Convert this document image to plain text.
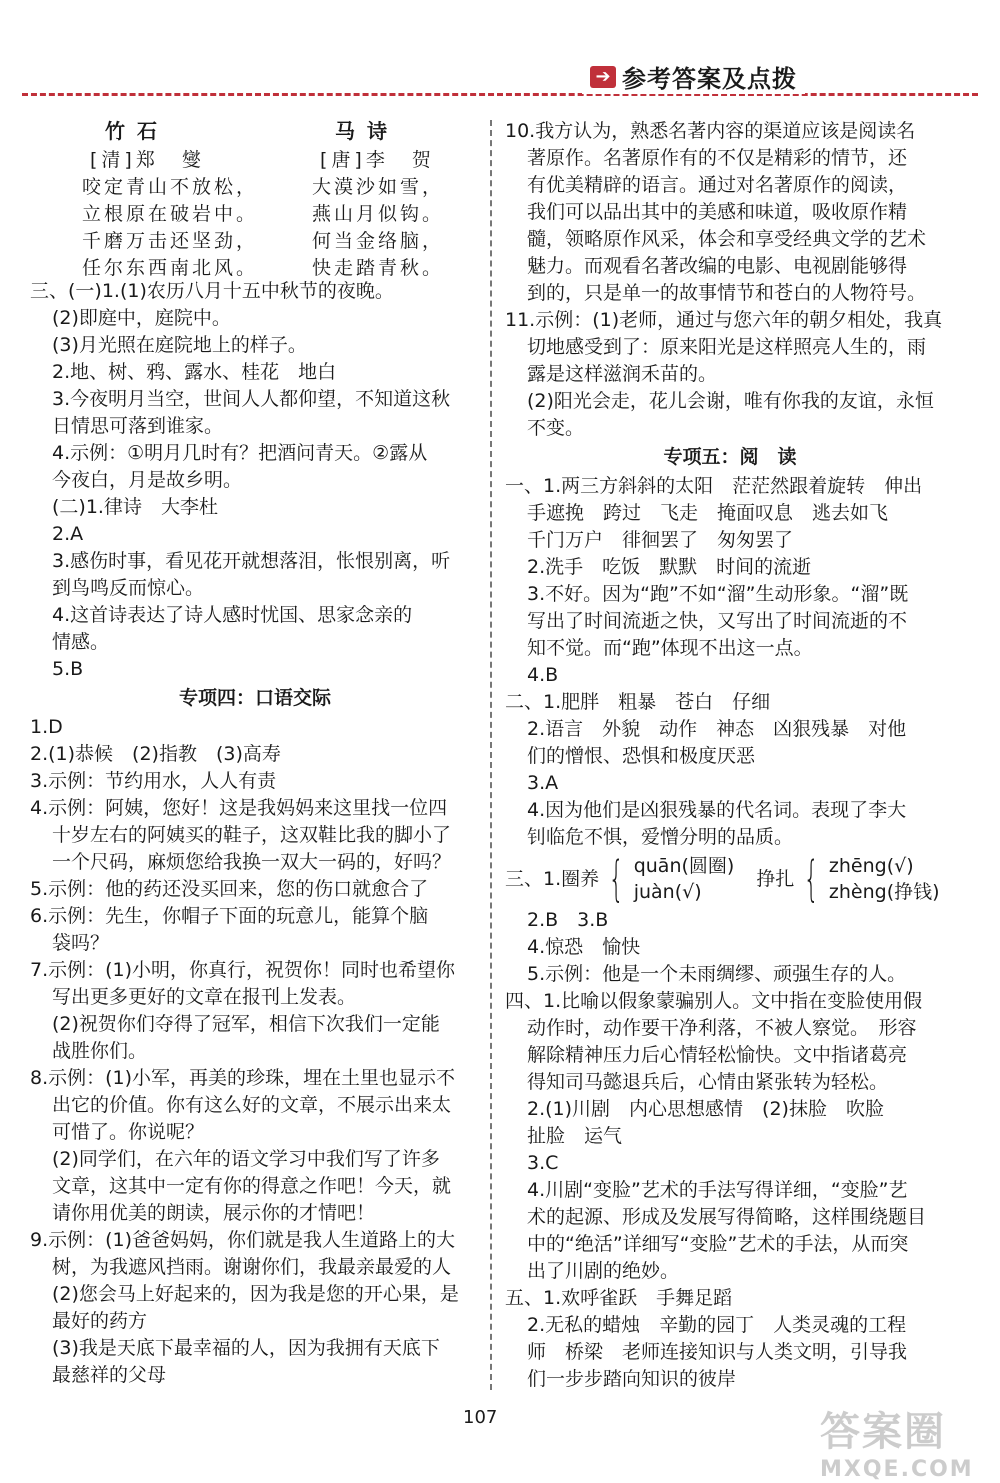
➔ 参考答案及点拨
竹石
[清]郑　燮
咬定青山不放松，
立根原在破岩中。
千磨万击还坚劲，
任尔东西南北风。
马诗
[唐]李　贺
大漠沙如雪，
燕山月似钩。
何当金络脑，
快走踏青秋。
三、(一)1.(1)农历八月十五中秋节的夜晚。
(2)即庭中，庭院中。
(3)月光照在庭院地上的样子。
2.地、树、鸦、露水、桂花　地白
3.今夜明月当空，世间人人都仰望，不知道这秋
日情思可落到谁家。
4.示例：①明月几时有？把酒问青天。②露从
今夜白，月是故乡明。
(二)1.律诗　大李杜
2.A
3.感伤时事，看见花开就想落泪，怅恨别离，听
到鸟鸣反而惊心。
4.这首诗表达了诗人感时忧国、思家念亲的
情感。
5.B
专项四：口语交际
1.D
2.(1)恭候　(2)指教　(3)高寿
3.示例：节约用水，人人有责
4.示例：阿姨，您好！这是我妈妈来这里找一位四
十岁左右的阿姨买的鞋子，这双鞋比我的脚小了
一个尺码，麻烦您给我换一双大一码的，好吗？
5.示例：他的药还没买回来，您的伤口就愈合了
6.示例：先生，你帽子下面的玩意儿，能算个脑
袋吗？
7.示例：(1)小明，你真行，祝贺你！同时也希望你
写出更多更好的文章在报刊上发表。
(2)祝贺你们夺得了冠军，相信下次我们一定能
战胜你们。
8.示例：(1)小军，再美的珍珠，埋在土里也显示不
出它的价值。你有这么好的文章，不展示出来太
可惜了。你说呢？
(2)同学们，在六年的语文学习中我们写了许多
文章，这其中一定有你的得意之作吧！今天，就
请你用优美的朗读，展示你的才情吧！
9.示例：(1)爸爸妈妈，你们就是我人生道路上的大
树，为我遮风挡雨。谢谢你们，我最亲最爱的人
(2)您会马上好起来的，因为我是您的开心果，是
最好的药方
(3)我是天底下最幸福的人，因为我拥有天底下
最慈祥的父母
10.我方认为，熟悉名著内容的渠道应该是阅读名
著原作。名著原作有的不仅是精彩的情节，还
有优美精辟的语言。通过对名著原作的阅读，
我们可以品出其中的美感和味道，吸收原作精
髓，领略原作风采，体会和享受经典文学的艺术
魅力。而观看名著改编的电影、电视剧能够得
到的，只是单一的故事情节和苍白的人物符号。
11.示例：(1)老师，通过与您六年的朝夕相处，我真
切地感受到了：原来阳光是这样照亮人生的，雨
露是这样滋润禾苗的。
(2)阳光会走，花儿会谢，唯有你我的友谊，永恒
不变。
专项五：阅　读
一、1.两三方斜斜的太阳　茫茫然跟着旋转　伸出
手遮挽　跨过　飞走　掩面叹息　逃去如飞
千门万户　徘徊罢了　匆匆罢了
2.洗手　吃饭　默默　时间的流逝
3.不好。因为“跑”不如“溜”生动形象。“溜”既
写出了时间流逝之快，又写出了时间流逝的不
知不觉。而“跑”体现不出这一点。
4.B
二、1.肥胖　粗暴　苍白　仔细
2.语言　外貌　动作　神态　凶狠残暴　对他
们的憎恨、恐惧和极度厌恶
3.A
4.因为他们是凶狠残暴的代名词。表现了李大
钊临危不惧，爱憎分明的品质。
三、1. 圈养 { quān(圆圈)
juàn(√)
挣扎 { zhēng(√)
zhèng(挣钱)
2.B　3.B
4.惊恐　愉快
5.示例：他是一个未雨绸缪、顽强生存的人。
四、1.比喻以假象蒙骗别人。文中指在变脸使用假
动作时，动作要干净利落，不被人察觉。　形容
解除精神压力后心情轻松愉快。文中指诸葛亮
得知司马懿退兵后，心情由紧张转为轻松。
2.(1)川剧　内心思想感情　(2)抹脸　吹脸
扯脸　运气
3.C
4.川剧“变脸”艺术的手法写得详细，“变脸”艺
术的起源、形成及发展写得简略，这样围绕题目
中的“绝活”详细写“变脸”艺术的手法，从而突
出了川剧的绝妙。
五、1.欢呼雀跃　手舞足蹈
2.无私的蜡烛　辛勤的园丁　人类灵魂的工程
师　桥梁　老师连接知识与人类文明，引导我
们一步步踏向知识的彼岸
107	答案圈
MXQE.COM
